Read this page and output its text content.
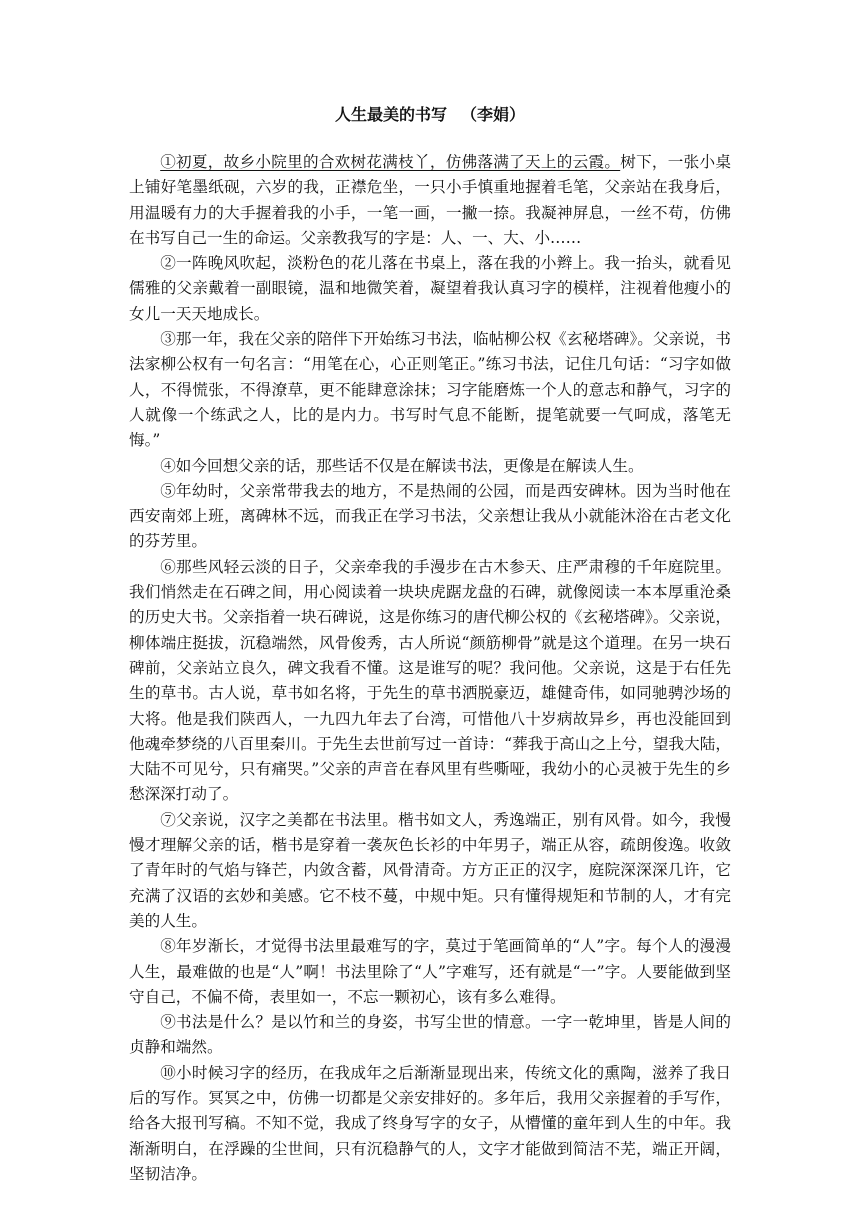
人生最美的书写 （李娟）

①初夏，故乡小院里的合欢树花满枝丫，仿佛落满了天上的云霞。树下，一张小桌上铺好笔墨纸砚，六岁的我，正襟危坐，一只小手慎重地握着毛笔，父亲站在我身后，用温暖有力的大手握着我的小手，一笔一画，一撇一捺。我凝神屏息，一丝不苟，仿佛在书写自己一生的命运。父亲教我写的字是：人、一、大、小……

②一阵晚风吹起，淡粉色的花儿落在书桌上，落在我的小辫上。我一抬头，就看见儒雅的父亲戴着一副眼镜，温和地微笑着，凝望着我认真习字的模样，注视着他瘦小的女儿一天天地成长。

③那一年，我在父亲的陪伴下开始练习书法，临帖柳公权《玄秘塔碑》。父亲说，书法家柳公权有一句名言：“用笔在心，心正则笔正。”练习书法，记住几句话：“习字如做人，不得慌张，不得潦草，更不能肆意涂抹；习字能磨炼一个人的意志和静气，习字的人就像一个练武之人，比的是内力。书写时气息不能断，提笔就要一气呵成，落笔无悔。”

④如今回想父亲的话，那些话不仅是在解读书法，更像是在解读人生。

⑤年幼时，父亲常带我去的地方，不是热闹的公园，而是西安碑林。因为当时他在西安南郊上班，离碑林不远，而我正在学习书法，父亲想让我从小就能沐浴在古老文化的芬芳里。

⑥那些风轻云淡的日子，父亲牵我的手漫步在古木参天、庄严肃穆的千年庭院里。我们悄然走在石碑之间，用心阅读着一块块虎踞龙盘的石碑，就像阅读一本本厚重沧桑的历史大书。父亲指着一块石碑说，这是你练习的唐代柳公权的《玄秘塔碑》。父亲说，柳体端庄挺拔，沉稳端然，风骨俊秀，古人所说“颜筋柳骨”就是这个道理。在另一块石碑前，父亲站立良久，碑文我看不懂。这是谁写的呢？我问他。父亲说，这是于右任先生的草书。古人说，草书如名将，于先生的草书洒脱豪迈，雄健奇伟，如同驰骋沙场的大将。他是我们陕西人，一九四九年去了台湾，可惜他八十岁病故异乡，再也没能回到他魂牵梦绕的八百里秦川。于先生去世前写过一首诗：“葬我于高山之上兮，望我大陆，大陆不可见兮，只有痛哭。”父亲的声音在春风里有些嘶哑，我幼小的心灵被于先生的乡愁深深打动了。

⑦父亲说，汉字之美都在书法里。楷书如文人，秀逸端正，别有风骨。如今，我慢慢才理解父亲的话，楷书是穿着一袭灰色长衫的中年男子，端正从容，疏朗俊逸。收敛了青年时的气焰与锋芒，内敛含蓄，风骨清奇。方方正正的汉字，庭院深深深几许，它充满了汉语的玄妙和美感。它不枝不蔓，中规中矩。只有懂得规矩和节制的人，才有完美的人生。

⑧年岁渐长，才觉得书法里最难写的字，莫过于笔画简单的“人”字。每个人的漫漫人生，最难做的也是“人”啊！书法里除了“人”字难写，还有就是“一”字。人要能做到坚守自己，不偏不倚，表里如一，不忘一颗初心，该有多么难得。

⑨书法是什么？是以竹和兰的身姿，书写尘世的情意。一字一乾坤里，皆是人间的贞静和端然。

⑩小时候习字的经历，在我成年之后渐渐显现出来，传统文化的熏陶，滋养了我日后的写作。冥冥之中，仿佛一切都是父亲安排好的。多年后，我用父亲握着的手写作，给各大报刊写稿。不知不觉，我成了终身写字的女子，从懵懂的童年到人生的中年。我渐渐明白，在浮躁的尘世间，只有沉稳静气的人，文字才能做到简洁不芜，端正开阔，坚韧洁净。
